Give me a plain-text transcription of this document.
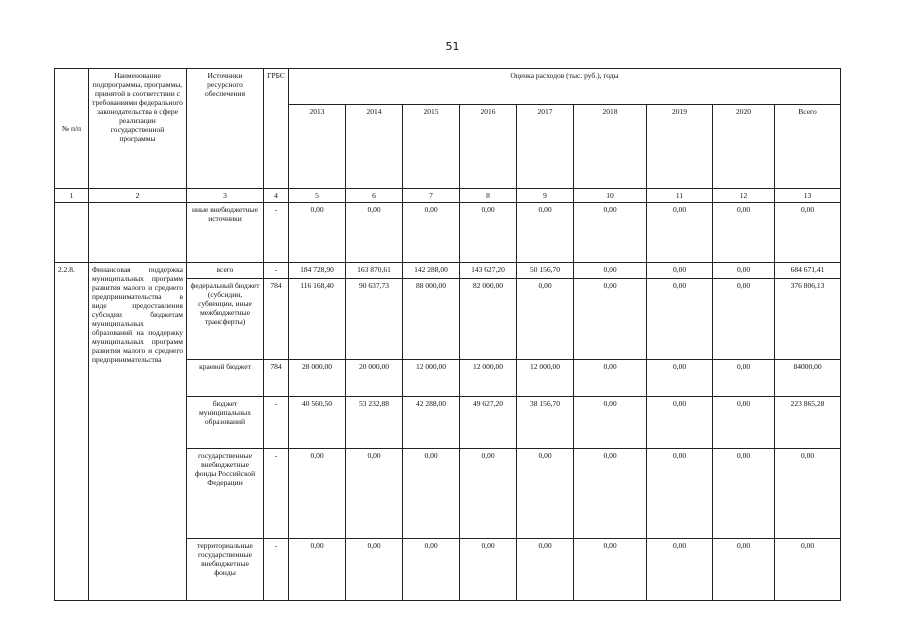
51
№ п/п	Наименование подпрограммы, программы, принятой в соответствии с требованиями федерального законодательства в сфере реализации государственной программы	Источники ресурсного обеспечения	ГРБС	Оценка расходов (тыс. руб.), годы								
				2013	2014	2015	2016	2017	2018	2019	2020	Всего
1	2	3	4	5	6	7	8	9	10	11	12	13
		иные внебюджетные источники	-	0,00	0,00	0,00	0,00	0,00	0,00	0,00	0,00	0,00
2.2.8.	Финансовая поддержка муниципальных программ развития малого и среднего предпринимательства в виде предоставления субсидии бюджетам муниципальных образований на поддержку муниципальных программ развития малого и среднего предпринимательства	всего	-	184 728,90	163 870,61	142 288,00	143 627,20	50 156,70	0,00	0,00	0,00	684 671,41
		федеральный бюджет (субсидии, субвенции, иные межбюджетные трансферты)	784	116 168,40	90 637,73	88 000,00	82 000,00	0,00	0,00	0,00	0,00	376 806,13
		краевой бюджет	784	28 000,00	20 000,00	12 000,00	12 000,00	12 000,00	0,00	0,00	0,00	84000,00
		бюджет муниципальных образований	-	40 560,50	53 232,88	42 288,00	49 627,20	38 156,70	0,00	0,00	0,00	223 865,28
		государственные внебюджетные фонды Российской Федерации	-	0,00	0,00	0,00	0,00	0,00	0,00	0,00	0,00	0,00
		территориальные государственные внебюджетные фонды	-	0,00	0,00	0,00	0,00	0,00	0,00	0,00	0,00	0,00
